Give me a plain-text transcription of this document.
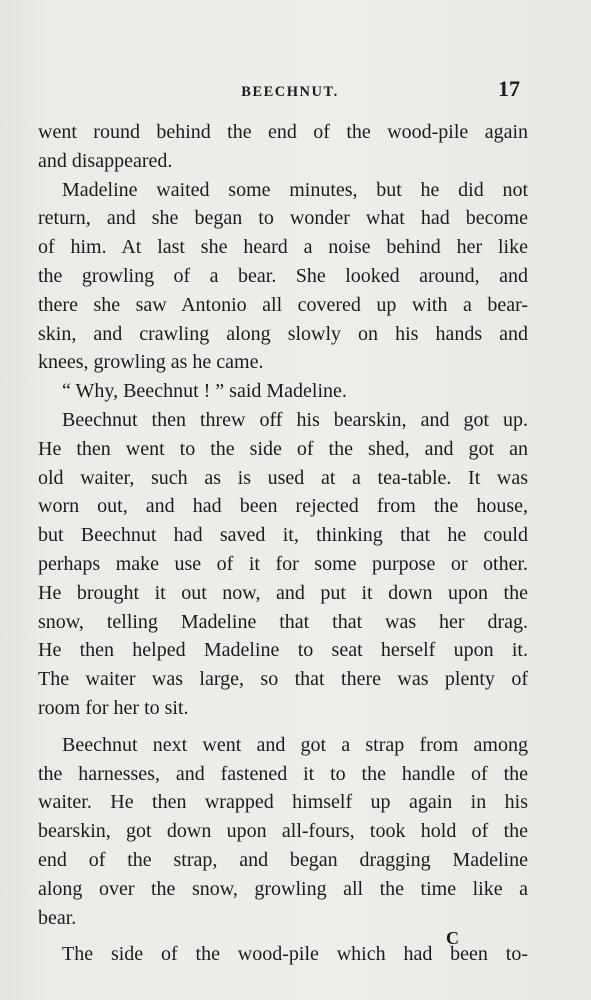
BEECHNUT.	17
went round behind the end of the wood-pile again
and disappeared.
Madeline waited some minutes, but he did not
return, and she began to wonder what had become
of him. At last she heard a noise behind her like
the growling of a bear. She looked around, and
there she saw Antonio all covered up with a bear-
skin, and crawling along slowly on his hands and
knees, growling as he came.
“ Why, Beechnut ! ” said Madeline.
Beechnut then threw off his bearskin, and got up.
He then went to the side of the shed, and got an
old waiter, such as is used at a tea-table. It was
worn out, and had been rejected from the house,
but Beechnut had saved it, thinking that he could
perhaps make use of it for some purpose or other.
He brought it out now, and put it down upon the
snow, telling Madeline that that was her drag.
He then helped Madeline to seat herself upon it.
The waiter was large, so that there was plenty of
room for her to sit.
Beechnut next went and got a strap from among
the harnesses, and fastened it to the handle of the
waiter. He then wrapped himself up again in his
bearskin, got down upon all-fours, took hold of the
end of the strap, and began dragging Madeline
along over the snow, growling all the time like a
bear.
The side of the wood-pile which had been to-
C
